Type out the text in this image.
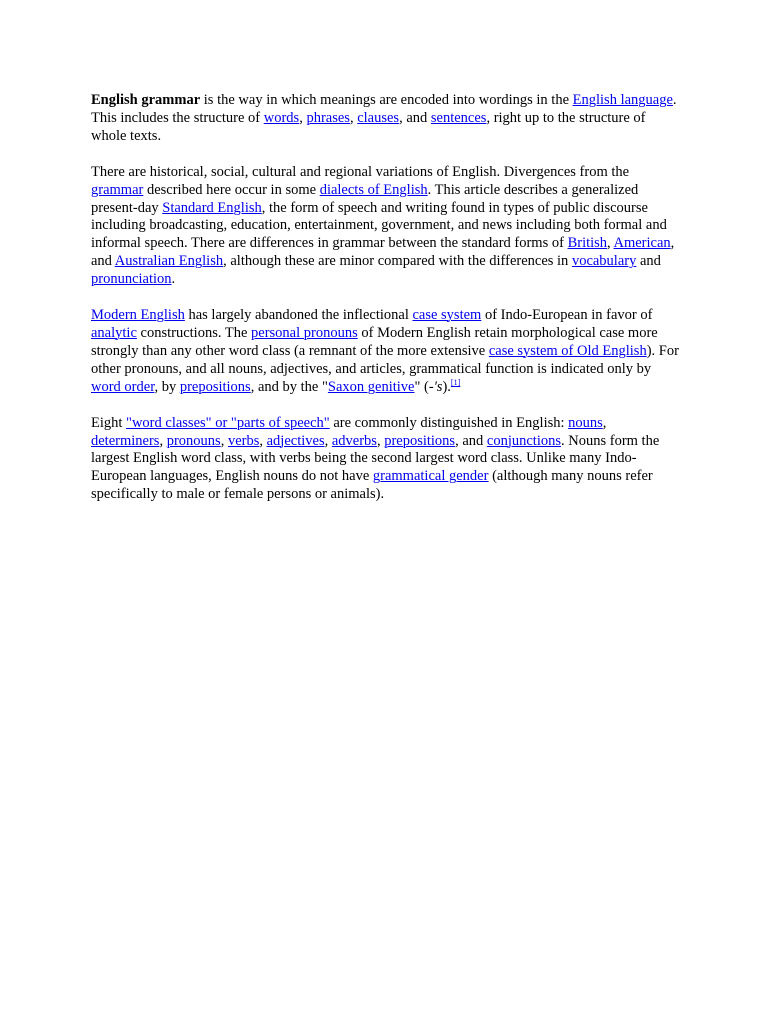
English grammar is the way in which meanings are encoded into wordings in the English language. This includes the structure of words, phrases, clauses, and sentences, right up to the structure of whole texts.

There are historical, social, cultural and regional variations of English. Divergences from the grammar described here occur in some dialects of English. This article describes a generalized present-day Standard English, the form of speech and writing found in types of public discourse including broadcasting, education, entertainment, government, and news including both formal and informal speech. There are differences in grammar between the standard forms of British, American, and Australian English, although these are minor compared with the differences in vocabulary and pronunciation.

Modern English has largely abandoned the inflectional case system of Indo-European in favor of analytic constructions. The personal pronouns of Modern English retain morphological case more strongly than any other word class (a remnant of the more extensive case system of Old English). For other pronouns, and all nouns, adjectives, and articles, grammatical function is indicated only by word order, by prepositions, and by the "Saxon genitive" (-'s).[1]

Eight "word classes" or "parts of speech" are commonly distinguished in English: nouns, determiners, pronouns, verbs, adjectives, adverbs, prepositions, and conjunctions. Nouns form the largest English word class, with verbs being the second largest word class. Unlike many Indo-European languages, English nouns do not have grammatical gender (although many nouns refer specifically to male or female persons or animals).
